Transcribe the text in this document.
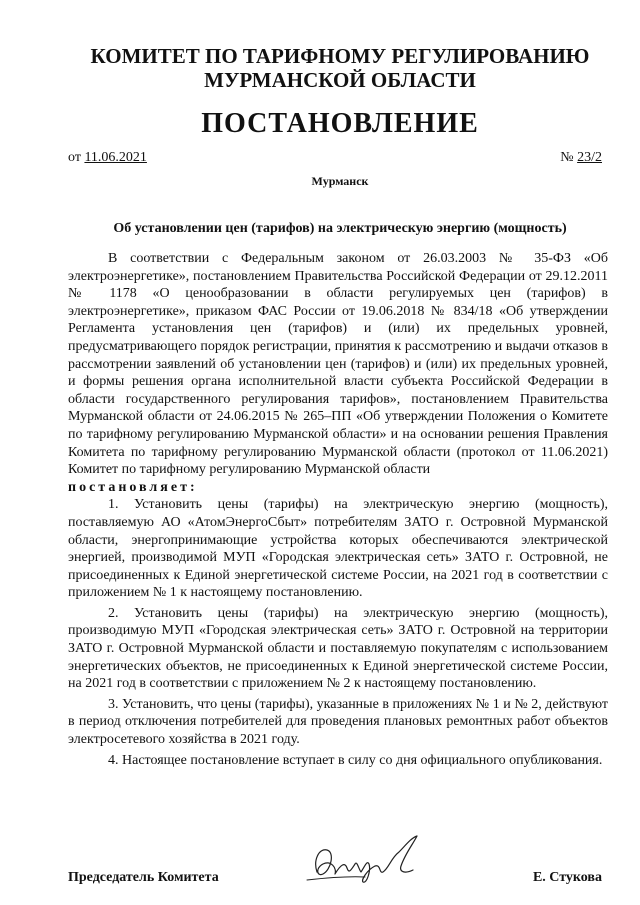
КОМИТЕТ ПО ТАРИФНОМУ РЕГУЛИРОВАНИЮ
МУРМАНСКОЙ ОБЛАСТИ
ПОСТАНОВЛЕНИЕ
от 11.06.2021	№ 23/2
Мурманск
Об установлении цен (тарифов) на электрическую энергию (мощность)

В соответствии с Федеральным законом от 26.03.2003 № 35-ФЗ «Об электроэнергетике», постановлением Правительства Российской Федерации от 29.12.2011 № 1178 «О ценообразовании в области регулируемых цен (тарифов) в электроэнергетике», приказом ФАС России от 19.06.2018 № 834/18 «Об утверждении Регламента установления цен (тарифов) и (или) их предельных уровней, предусматривающего порядок регистрации, принятия к рассмотрению и выдачи отказов в рассмотрении заявлений об установлении цен (тарифов) и (или) их предельных уровней, и формы решения органа исполнительной власти субъекта Российской Федерации в области государственного регулирования тарифов», постановлением Правительства Мурманской области от 24.06.2015 № 265–ПП «Об утверждении Положения о Комитете по тарифному регулированию Мурманской области» и на основании решения Правления Комитета по тарифному регулированию Мурманской области (протокол от 11.06.2021) Комитет по тарифному регулированию Мурманской области

постановляет:

1. Установить цены (тарифы) на электрическую энергию (мощность), поставляемую АО «АтомЭнергоСбыт» потребителям ЗАТО г. Островной Мурманской области, энергопринимающие устройства которых обеспечиваются электрической энергией, производимой МУП «Городская электрическая сеть» ЗАТО г. Островной, не присоединенных к Единой энергетической системе России, на 2021 год в соответствии с приложением № 1 к настоящему постановлению.

2. Установить цены (тарифы) на электрическую энергию (мощность), производимую МУП «Городская электрическая сеть» ЗАТО г. Островной на территории ЗАТО г. Островной Мурманской области и поставляемую покупателям с использованием энергетических объектов, не присоединенных к Единой энергетической системе России, на 2021 год в соответствии с приложением № 2 к настоящему постановлению.

3. Установить, что цены (тарифы), указанные в приложениях № 1 и № 2, действуют в период отключения потребителей для проведения плановых ремонтных работ объектов электросетевого хозяйства в 2021 году.

4. Настоящее постановление вступает в силу со дня официального опубликования.

Председатель Комитета	Е. Стукова
